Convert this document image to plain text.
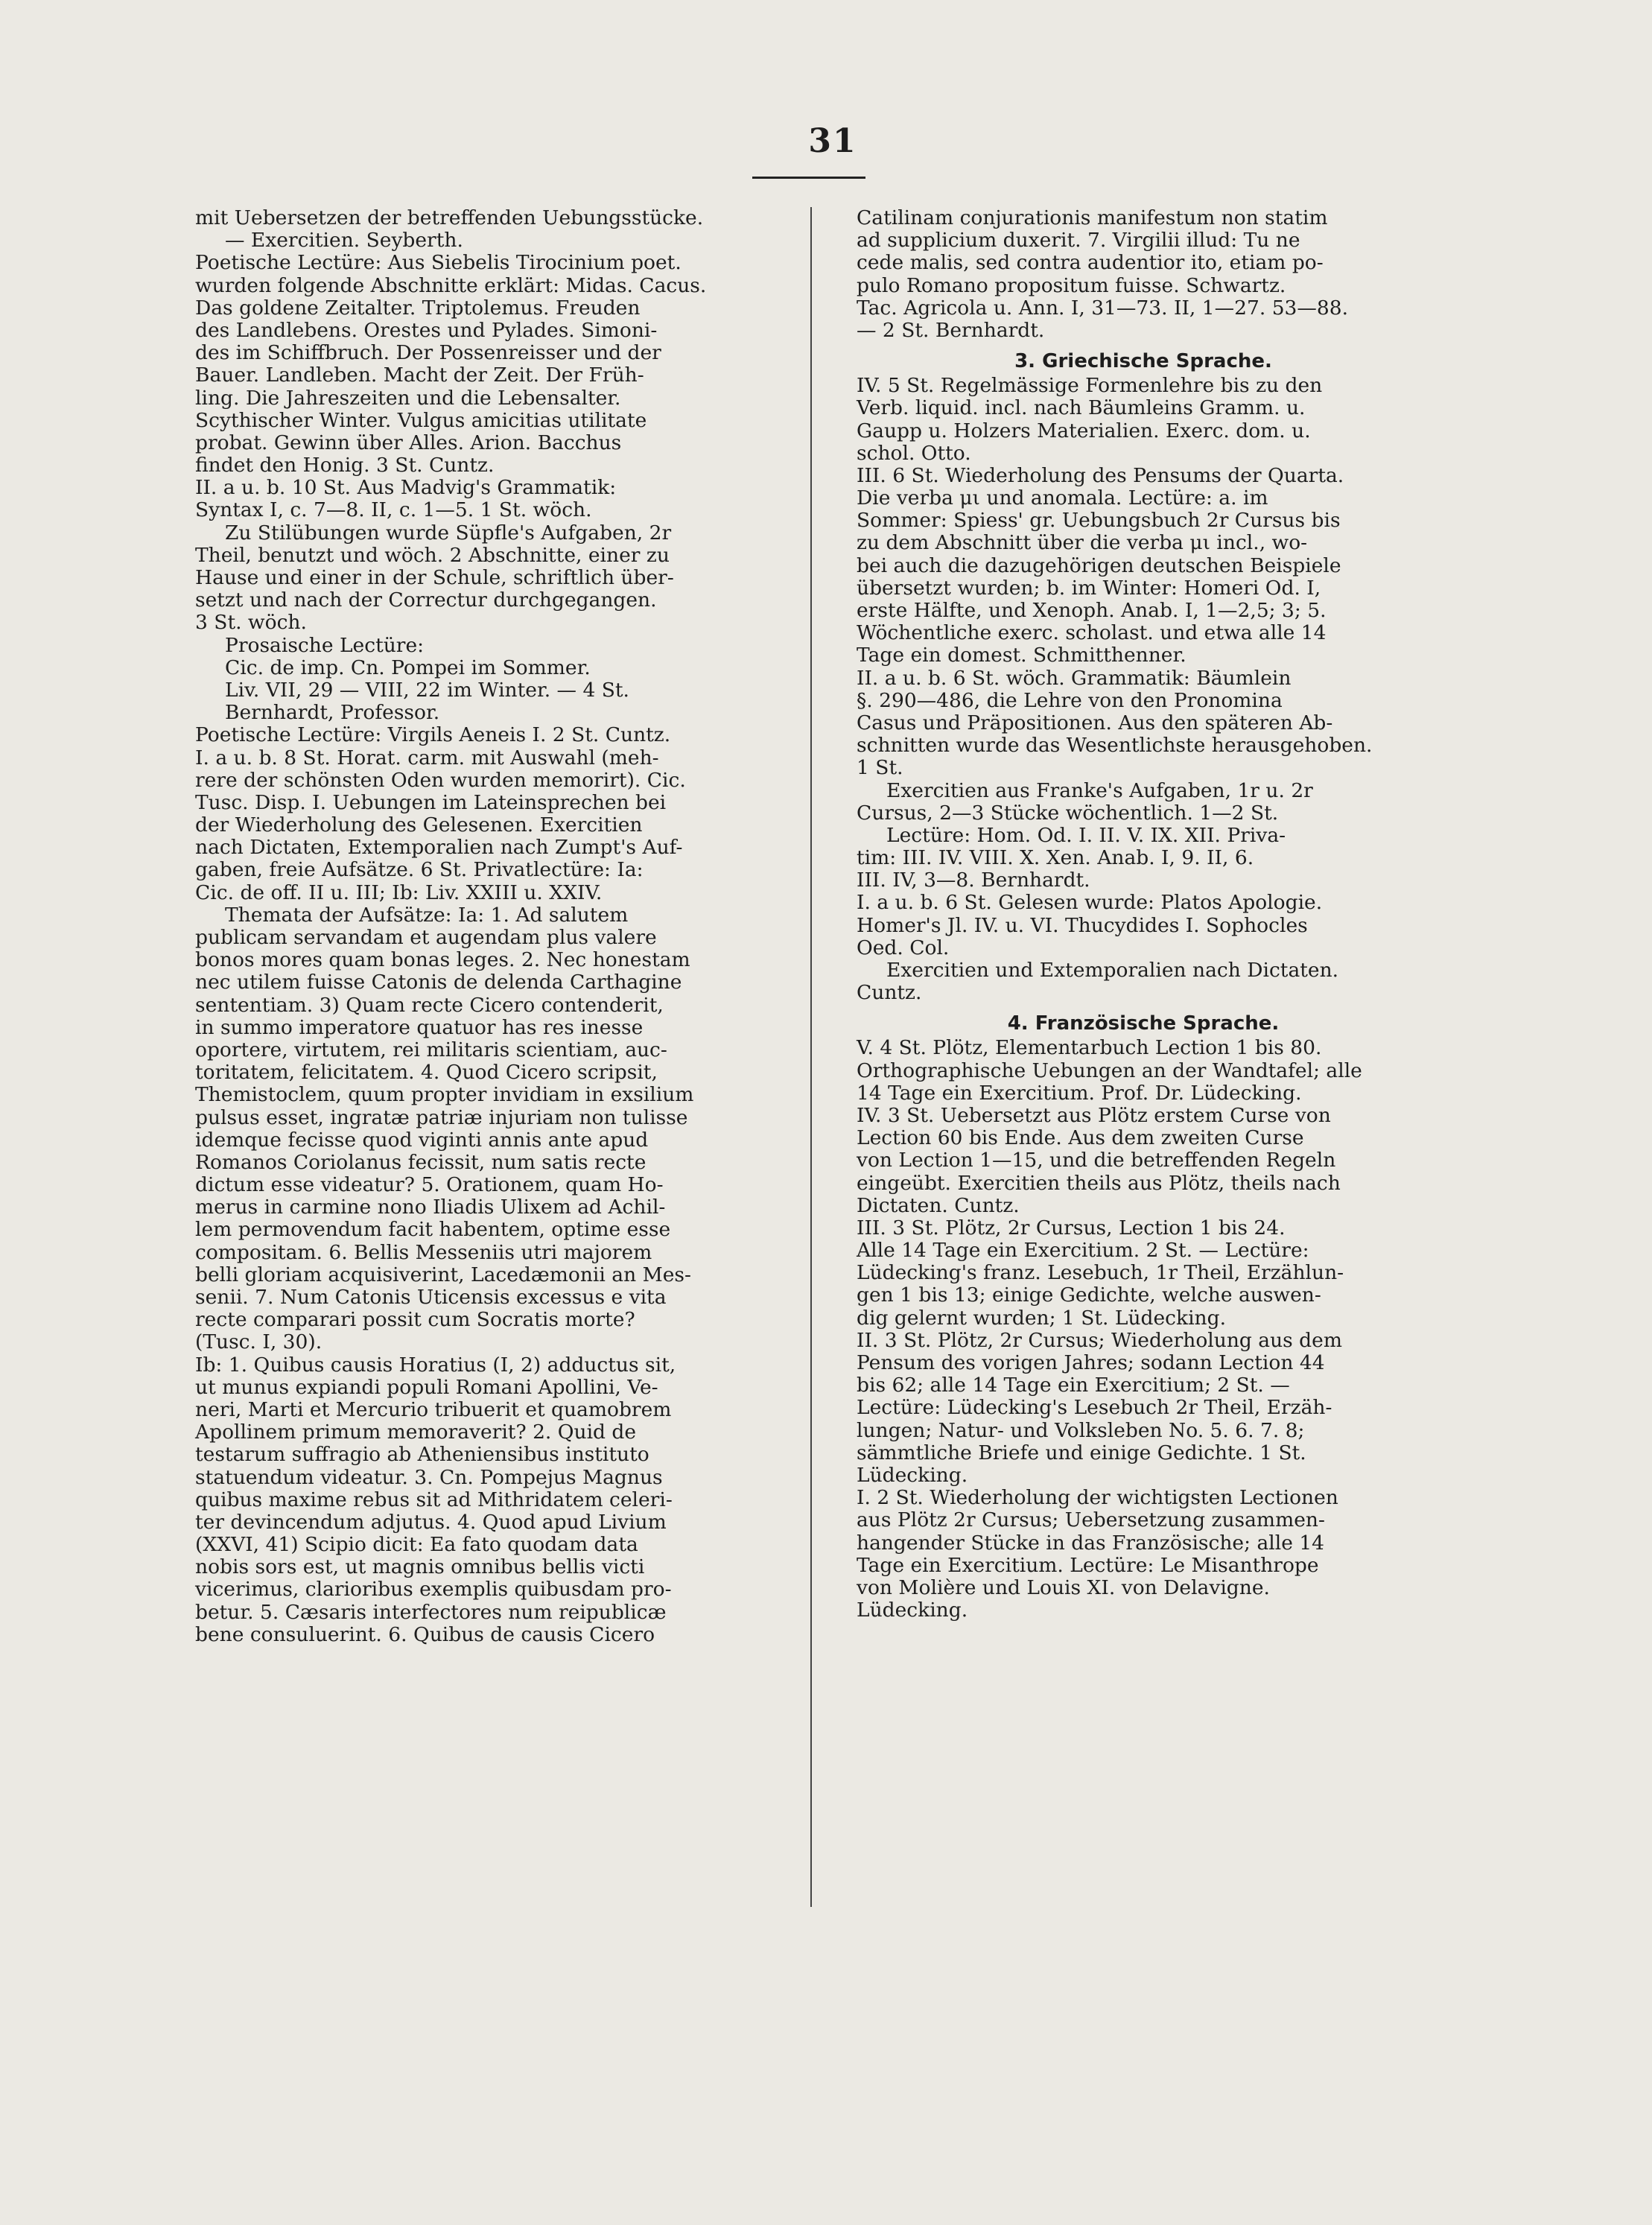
31
mit Uebersetzen der betreffenden Uebungsstücke.
— Exercitien. Seyberth.
Poetische Lectüre: Aus Siebelis Tirocinium poet.
wurden folgende Abschnitte erklärt: Midas. Cacus.
Das goldene Zeitalter. Triptolemus. Freuden
des Landlebens. Orestes und Pylades. Simoni-
des im Schiffbruch. Der Possenreisser und der
Bauer. Landleben. Macht der Zeit. Der Früh-
ling. Die Jahreszeiten und die Lebensalter.
Scythischer Winter. Vulgus amicitias utilitate
probat. Gewinn über Alles. Arion. Bacchus
findet den Honig. 3 St. Cuntz.
II. a u. b. 10 St. Aus Madvig's Grammatik:
Syntax I, c. 7—8. II, c. 1—5. 1 St. wöch.
Zu Stilübungen wurde Süpfle's Aufgaben, 2r
Theil, benutzt und wöch. 2 Abschnitte, einer zu
Hause und einer in der Schule, schriftlich über-
setzt und nach der Correctur durchgegangen.
3 St. wöch.
Prosaische Lectüre:
Cic. de imp. Cn. Pompei im Sommer.
Liv. VII, 29 — VIII, 22 im Winter. — 4 St.
Bernhardt, Professor.
Poetische Lectüre: Virgils Aeneis I. 2 St. Cuntz.
I. a u. b. 8 St. Horat. carm. mit Auswahl (meh-
rere der schönsten Oden wurden memorirt). Cic.
Tusc. Disp. I. Uebungen im Lateinsprechen bei
der Wiederholung des Gelesenen. Exercitien
nach Dictaten, Extemporalien nach Zumpt's Auf-
gaben, freie Aufsätze. 6 St. Privatlectüre: Ia:
Cic. de off. II u. III; Ib: Liv. XXIII u. XXIV.
Themata der Aufsätze: Ia: 1. Ad salutem
publicam servandam et augendam plus valere
bonos mores quam bonas leges. 2. Nec honestam
nec utilem fuisse Catonis de delenda Carthagine
sententiam. 3) Quam recte Cicero contenderit,
in summo imperatore quatuor has res inesse
oportere, virtutem, rei militaris scientiam, auc-
toritatem, felicitatem. 4. Quod Cicero scripsit,
Themistoclem, quum propter invidiam in exsilium
pulsus esset, ingratæ patriæ injuriam non tulisse
idemque fecisse quod viginti annis ante apud
Romanos Coriolanus fecissit, num satis recte
dictum esse videatur? 5. Orationem, quam Ho-
merus in carmine nono Iliadis Ulixem ad Achil-
lem permovendum facit habentem, optime esse
compositam. 6. Bellis Messeniis utri majorem
belli gloriam acquisiverint, Lacedæmonii an Mes-
senii. 7. Num Catonis Uticensis excessus e vita
recte comparari possit cum Socratis morte?
(Tusc. I, 30).
Ib: 1. Quibus causis Horatius (I, 2) adductus sit,
ut munus expiandi populi Romani Apollini, Ve-
neri, Marti et Mercurio tribuerit et quamobrem
Apollinem primum memoraverit? 2. Quid de
testarum suffragio ab Atheniensibus instituto
statuendum videatur. 3. Cn. Pompejus Magnus
quibus maxime rebus sit ad Mithridatem celeri-
ter devincendum adjutus. 4. Quod apud Livium
(XXVI, 41) Scipio dicit: Ea fato quodam data
nobis sors est, ut magnis omnibus bellis victi
vicerimus, clarioribus exemplis quibusdam pro-
betur. 5. Cæsaris interfectores num reipublicæ
bene consuluerint. 6. Quibus de causis Cicero
Catilinam conjurationis manifestum non statim
ad supplicium duxerit. 7. Virgilii illud: Tu ne
cede malis, sed contra audentior ito, etiam po-
pulo Romano propositum fuisse. Schwartz.
Tac. Agricola u. Ann. I, 31—73. II, 1—27. 53—88.
— 2 St. Bernhardt.
3. Griechische Sprache.
IV. 5 St. Regelmässige Formenlehre bis zu den
Verb. liquid. incl. nach Bäumleins Gramm. u.
Gaupp u. Holzers Materialien. Exerc. dom. u.
schol. Otto.
III. 6 St. Wiederholung des Pensums der Quarta.
Die verba μι und anomala. Lectüre: a. im
Sommer: Spiess' gr. Uebungsbuch 2r Cursus bis
zu dem Abschnitt über die verba μι incl., wo-
bei auch die dazugehörigen deutschen Beispiele
übersetzt wurden; b. im Winter: Homeri Od. I,
erste Hälfte, und Xenoph. Anab. I, 1—2,5; 3; 5.
Wöchentliche exerc. scholast. und etwa alle 14
Tage ein domest. Schmitthenner.
II. a u. b. 6 St. wöch. Grammatik: Bäumlein
§. 290—486, die Lehre von den Pronomina
Casus und Präpositionen. Aus den späteren Ab-
schnitten wurde das Wesentlichste herausgehoben.
1 St.
Exercitien aus Franke's Aufgaben, 1r u. 2r
Cursus, 2—3 Stücke wöchentlich. 1—2 St.
Lectüre: Hom. Od. I. II. V. IX. XII. Priva-
tim: III. IV. VIII. X. Xen. Anab. I, 9. II, 6.
III. IV, 3—8. Bernhardt.
I. a u. b. 6 St. Gelesen wurde: Platos Apologie.
Homer's Jl. IV. u. VI. Thucydides I. Sophocles
Oed. Col.
Exercitien und Extemporalien nach Dictaten.
Cuntz.
4. Französische Sprache.
V. 4 St. Plötz, Elementarbuch Lection 1 bis 80.
Orthographische Uebungen an der Wandtafel; alle
14 Tage ein Exercitium. Prof. Dr. Lüdecking.
IV. 3 St. Uebersetzt aus Plötz erstem Curse von
Lection 60 bis Ende. Aus dem zweiten Curse
von Lection 1—15, und die betreffenden Regeln
eingeübt. Exercitien theils aus Plötz, theils nach
Dictaten. Cuntz.
III. 3 St. Plötz, 2r Cursus, Lection 1 bis 24.
Alle 14 Tage ein Exercitium. 2 St. — Lectüre:
Lüdecking's franz. Lesebuch, 1r Theil, Erzählun-
gen 1 bis 13; einige Gedichte, welche auswen-
dig gelernt wurden; 1 St. Lüdecking.
II. 3 St. Plötz, 2r Cursus; Wiederholung aus dem
Pensum des vorigen Jahres; sodann Lection 44
bis 62; alle 14 Tage ein Exercitium; 2 St. —
Lectüre: Lüdecking's Lesebuch 2r Theil, Erzäh-
lungen; Natur- und Volksleben No. 5. 6. 7. 8;
sämmtliche Briefe und einige Gedichte. 1 St.
Lüdecking.
I. 2 St. Wiederholung der wichtigsten Lectionen
aus Plötz 2r Cursus; Uebersetzung zusammen-
hangender Stücke in das Französische; alle 14
Tage ein Exercitium. Lectüre: Le Misanthrope
von Molière und Louis XI. von Delavigne.
Lüdecking.
